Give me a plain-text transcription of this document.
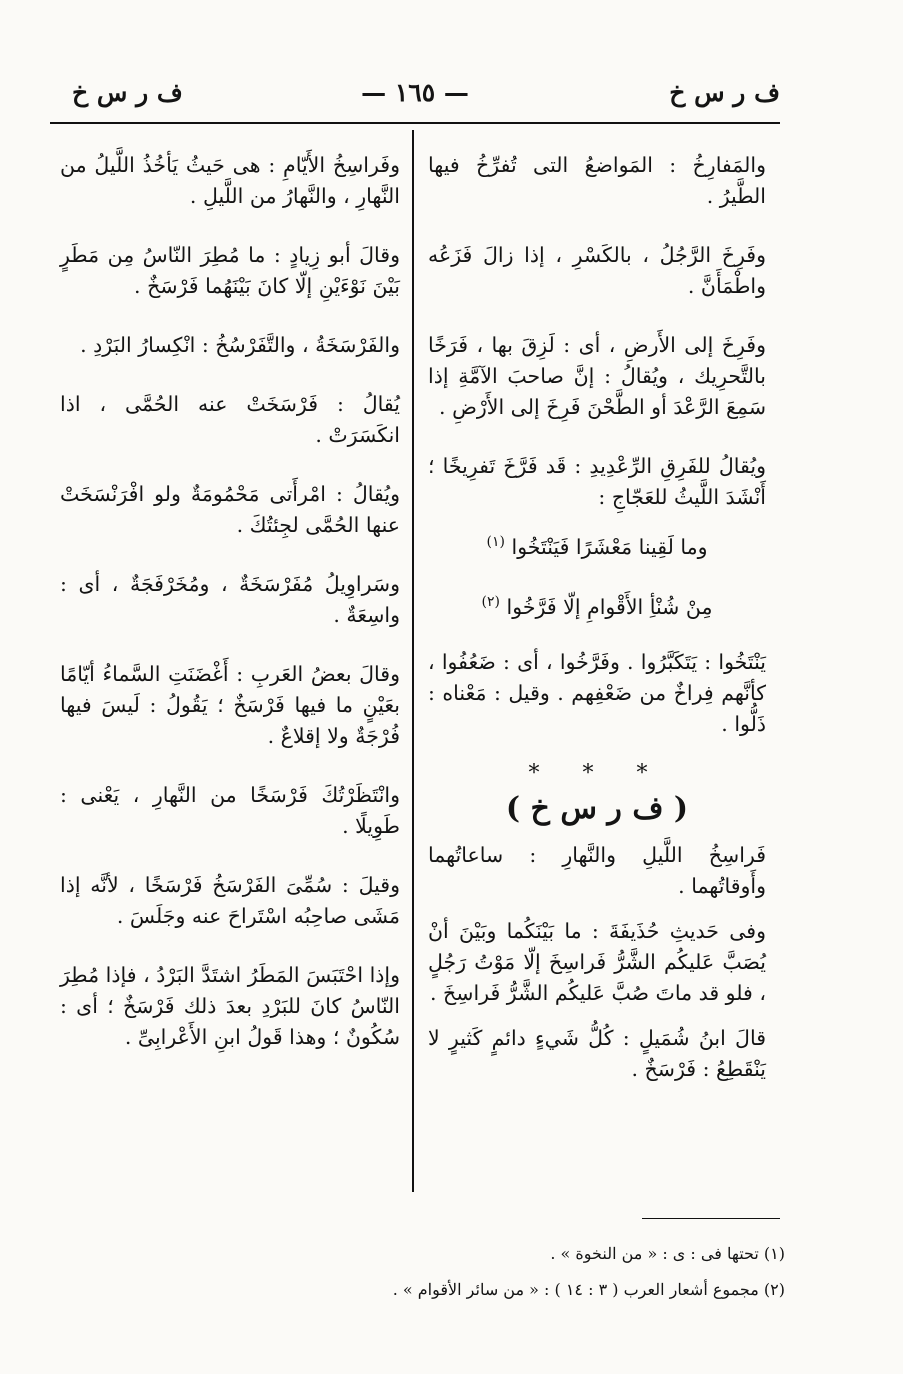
ف ر س خ
— ١٦٥ —
ف ر س خ

والمَفارِخُ : المَواضعُ التى تُفرِّخُ فيها الطَّيرُ .

وفَرِخَ الرَّجُلُ ، بالكَسْرِ ، إذا زالَ فَزَعُه واطْمَأَنَّ .

وفَرِخَ إلى الأَرضِ ، أى : لَزِقَ بها ، فَرَخًا بالتَّحرِيك ، ويُقالُ : إنَّ صاحبَ الآمَّةِ إذا سَمِعَ الرَّعْدَ أو الطَّحْنَ فَرِخَ إلى الأَرْضِ .

ويُقالُ للفَرِقِ الرِّعْدِيدِ : قَد فَرَّخَ تَفرِيخًا ؛ أَنْشَدَ اللَّيثُ للعَجّاجِ :

وما لَقِينا مَعْشَرًا فَيَنْتَخُوا $^{(١)}$
مِنْ شُنْأِ الأَقْوامِ إلّا فَرَّخُوا $^{(٢)}$

يَنْتَخُوا : يَتَكَبَّرُوا . وفَرَّخُوا ، أى : ضَعُفُوا ، كأنَّهم فِراخٌ من ضَعْفِهم . وقيل : مَعْناه : ذَلُّوا .

* * *
( ف ر س خ )

فَراسِخُ اللَّيلِ والنَّهارِ : ساعاتُهما وأَوقاتُهما .

وفى حَديثِ حُذَيفَةَ : ما بَيْنَكُما وبَيْنَ أنْ يُصَبَّ عَليكُم الشَّرُّ فَراسِخَ إلّا مَوْتُ رَجُلٍ ، فلو قد ماتَ صُبَّ عَليكُم الشَّرُّ فَراسِخَ .

قالَ ابنُ شُمَيلٍ : كُلُّ شَيءٍ دائمٍ كَثيرٍ لا يَنْقَطِعُ : فَرْسَخٌ .

وفَراسِخُ الأَيّامِ : هى حَيثُ يَأخُذُ اللَّيلُ من النَّهارِ ، والنَّهارُ من اللَّيلِ .

وقالَ أبو زِيادٍ : ما مُطِرَ النّاسُ مِن مَطَرٍ بَيْنَ نَوْءَيْنِ إلّا كانَ بَيْنَهُما فَرْسَخٌ .

والفَرْسَخَةُ ، والتَّفَرْسُخُ : انْكِسارُ البَرْدِ .

يُقالُ : فَرْسَخَتْ عنه الحُمَّى ، اذا انكَسَرَتْ .

ويُقالُ : امْرأَتى مَحْمُومَةٌ ولو افْرَنْسَخَتْ عنها الحُمَّى لجِئتُكَ .

وسَراوِيلُ مُفَرْسَخَةٌ ، ومُخَرْفَجَةٌ ، أى : واسِعَةٌ .

وقالَ بعضُ العَربِ : أَغْضَنَتِ السَّماءُ أيّامًا بعَيْنٍ ما فيها فَرْسَخٌ ؛ يَقُولُ : لَيسَ فيها فُرْجَةٌ ولا إقلاعٌ .

وانْتَظَرْتُكَ فَرْسَخًا من النَّهارِ ، يَعْنى : طَوِيلًا .

وقيلَ : سُمِّىَ الفَرْسَخُ فَرْسَخًا ، لأنَّه إذا مَشَى صاحِبُه اسْتَراحَ عنه وجَلَسَ .

وإذا احْتَبَسَ المَطَرُ اشتَدَّ البَرْدُ ، فإذا مُطِرَ النّاسُ كانَ للبَرْدِ بعدَ ذلك فَرْسَخٌ ؛ أى : سُكُونٌ ؛ وهذا قَولُ ابنِ الأَعْرابِىِّ .

(١) تحتها فى : ى : « من النخوة » .
(٢) مجموع أشعار العرب ( ٣ : ١٤ ) : « من سائر الأقوام » .
